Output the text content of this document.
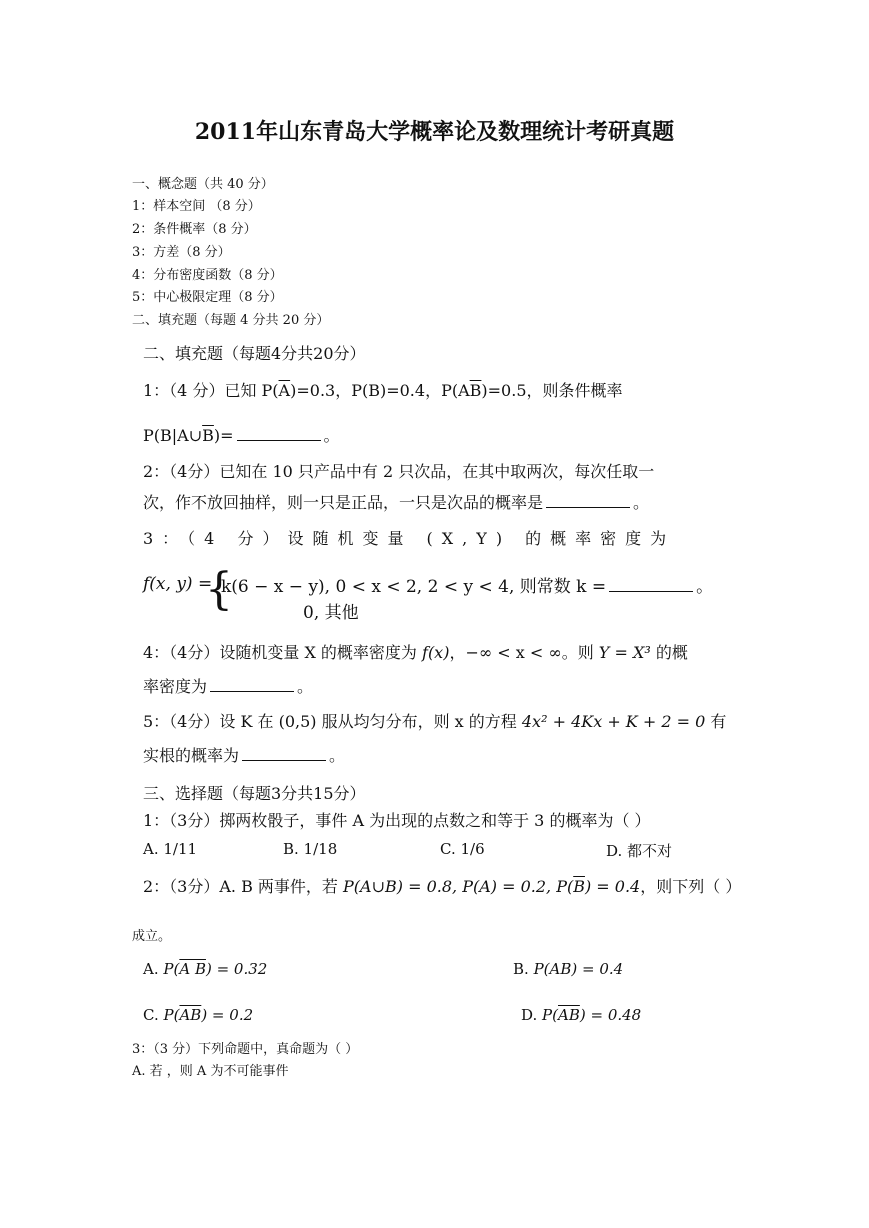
2011年山东青岛大学概率论及数理统计考研真题
一、概念题（共 40 分）
1：样本空间 （8 分）
2：条件概率（8 分）
3：方差（8 分）
4：分布密度函数（8 分）
5：中心极限定理（8 分）
二、填充题（每题 4 分共 20 分）
二、填充题（每题4分共20分）
1：（4 分）已知 $P(\overline{A})=0.3$，P(B)=0.4，$P(A\overline{B})=0.5$，则条件概率
$P(B|A\cup\overline{B})=$	。
2：（4分）已知在 10 只产品中有 2 只次品，在其中取两次，每次任取一
次，作不放回抽样，则一只是正品，一只是次品的概率是	。
3：（4 分）设随机变量 (X,Y) 的概率密度为
f(x, y) =
{
k(6 − x − y), 0 < x < 2, 2 < y < 4, 则常数 k =	。
0, 其他
4：（4分）设随机变量 X 的概率密度为 f(x)，−∞ < x < ∞。则 Y = X³ 的概
率密度为	。
5：（4分）设 K 在 (0,5) 服从均匀分布，则 x 的方程 4x² + 4Kx + K + 2 = 0 有
实根的概率为	。
三、选择题（每题3分共15分）
1：（3分）掷两枚骰子，事件 A 为出现的点数之和等于 3 的概率为（ ）
A. 1/11	B. 1/18	C. 1/6	D. 都不对
2：（3分）A. B 两事件，若 P(A∪B) = 0.8, P(A) = 0.2, $P(\overline{B}) = 0.4$，则下列（ ）
成立。
A. P(A B) = 0.32	B. P(AB) = 0.4
C. $P(\overline{AB}) = 0.2$	D. $P(\overline{AB}) = 0.48$
3：（3 分）下列命题中，真命题为（ ）
A. 若 ，则 A 为不可能事件
